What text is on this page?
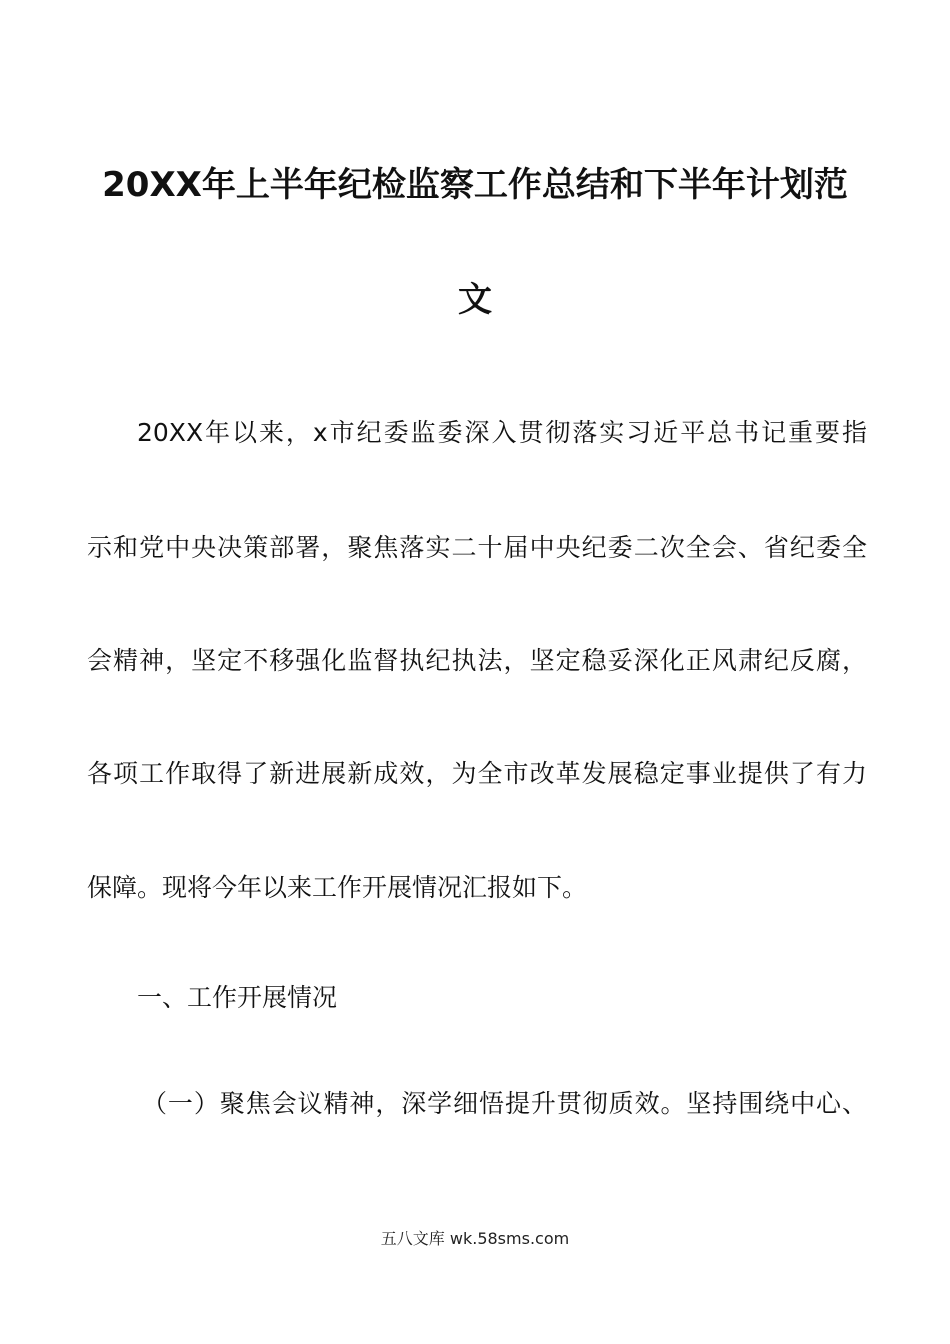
20XX年上半年纪检监察工作总结和下半年计划范
文

20XX年以来，x市纪委监委深入贯彻落实习近平总书记重要指

示和党中央决策部署，聚焦落实二十届中央纪委二次全会、省纪委全

会精神，坚定不移强化监督执纪执法，坚定稳妥深化正风肃纪反腐，

各项工作取得了新进展新成效，为全市改革发展稳定事业提供了有力

保障。现将今年以来工作开展情况汇报如下。

一、工作开展情况

（一）聚焦会议精神，深学细悟提升贯彻质效。坚持围绕中心、

五八文库 wk.58sms.com
